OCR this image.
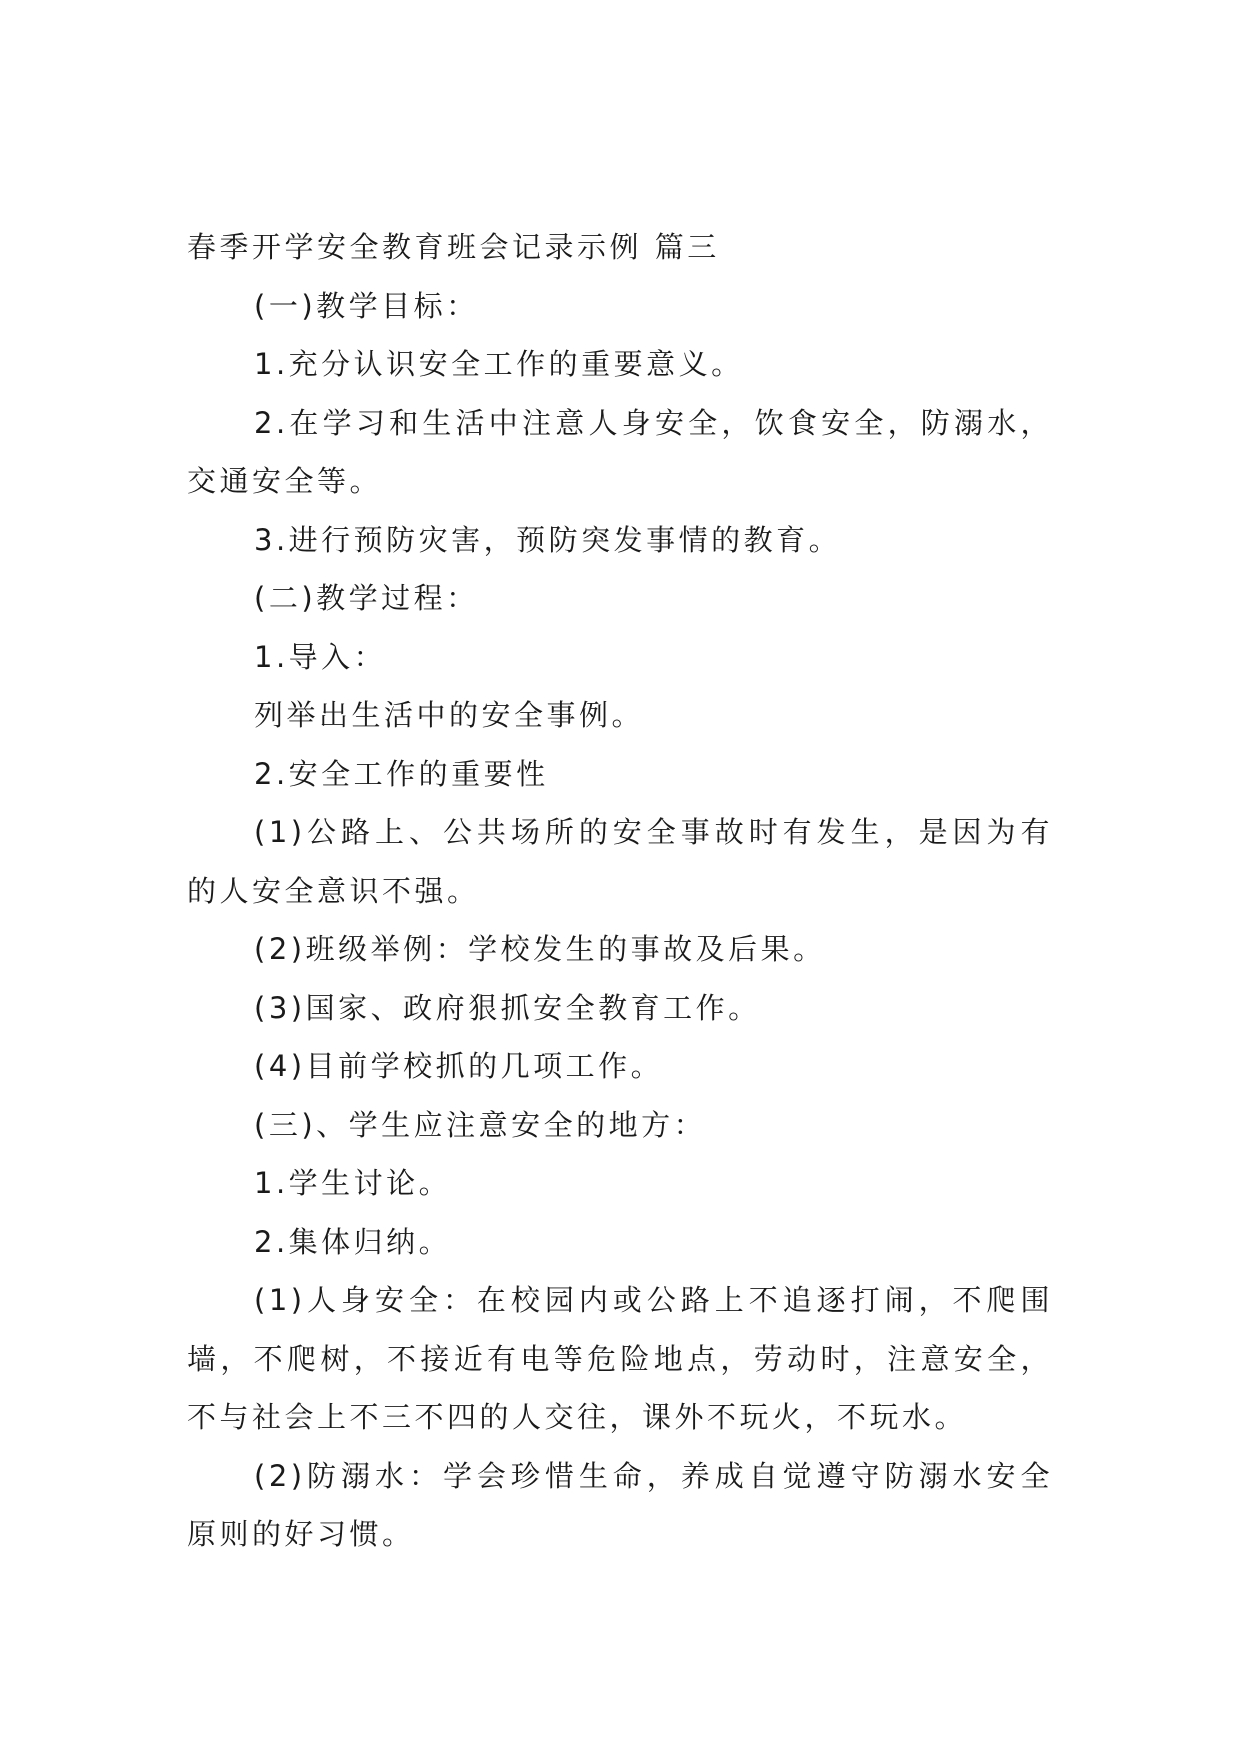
春季开学安全教育班会记录示例 篇三

(一)教学目标：

1.充分认识安全工作的重要意义。

2.在学习和生活中注意人身安全，饮食安全，防溺水，交通安全等。

3.进行预防灾害，预防突发事情的教育。

(二)教学过程：

1.导入：

列举出生活中的安全事例。

2.安全工作的重要性

(1)公路上、公共场所的安全事故时有发生，是因为有的人安全意识不强。

(2)班级举例：学校发生的事故及后果。

(3)国家、政府狠抓安全教育工作。

(4)目前学校抓的几项工作。

(三)、学生应注意安全的地方：

1.学生讨论。

2.集体归纳。

(1)人身安全：在校园内或公路上不追逐打闹，不爬围墙，不爬树，不接近有电等危险地点，劳动时，注意安全，不与社会上不三不四的人交往，课外不玩火，不玩水。

(2)防溺水：学会珍惜生命，养成自觉遵守防溺水安全原则的好习惯。
